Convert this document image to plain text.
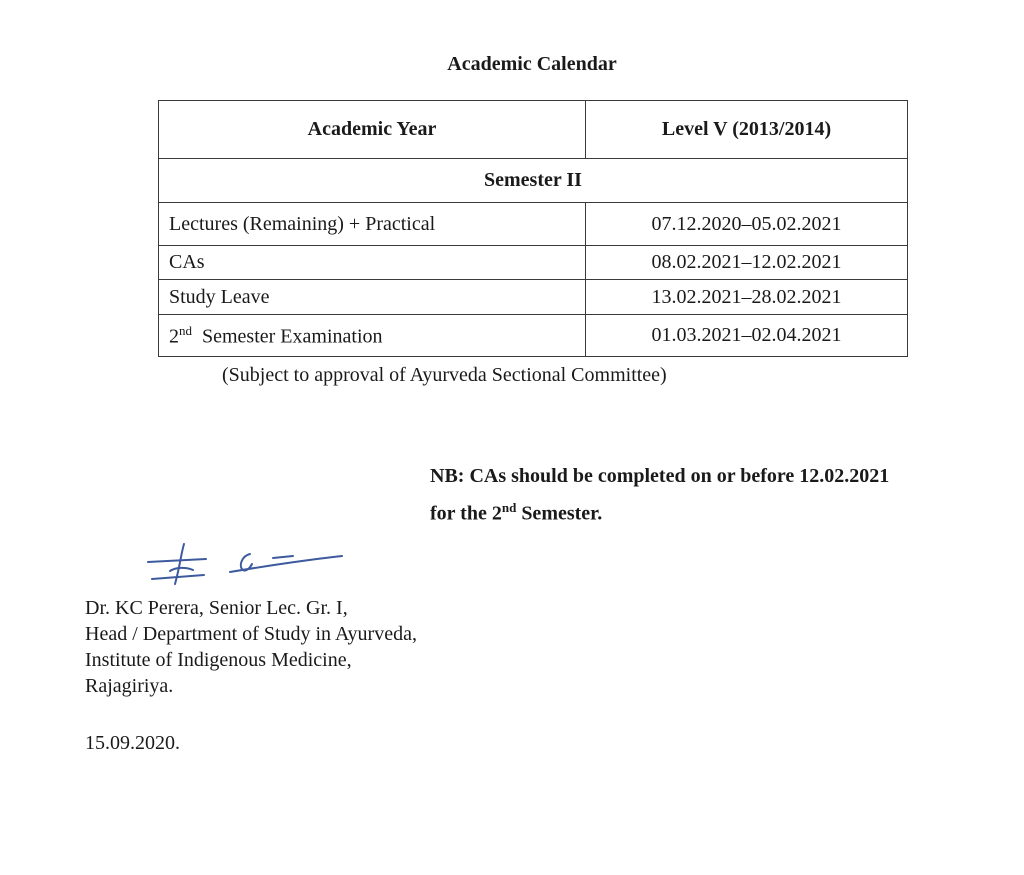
Academic Calendar
Academic Year	Level V (2013/2014)
Semester II	
Lectures (Remaining) + Practical	07.12.2020–05.02.2021
CAs	08.02.2021–12.02.2021
Study Leave	13.02.2021–28.02.2021
2nd Semester Examination	01.03.2021–02.04.2021
(Subject to approval of Ayurveda Sectional Committee)
NB: CAs should be completed on or before 12.02.2021
for the 2nd Semester.
Dr. KC Perera, Senior Lec. Gr. I,
Head / Department of Study in Ayurveda,
Institute of Indigenous Medicine,
Rajagiriya.
15.09.2020.
